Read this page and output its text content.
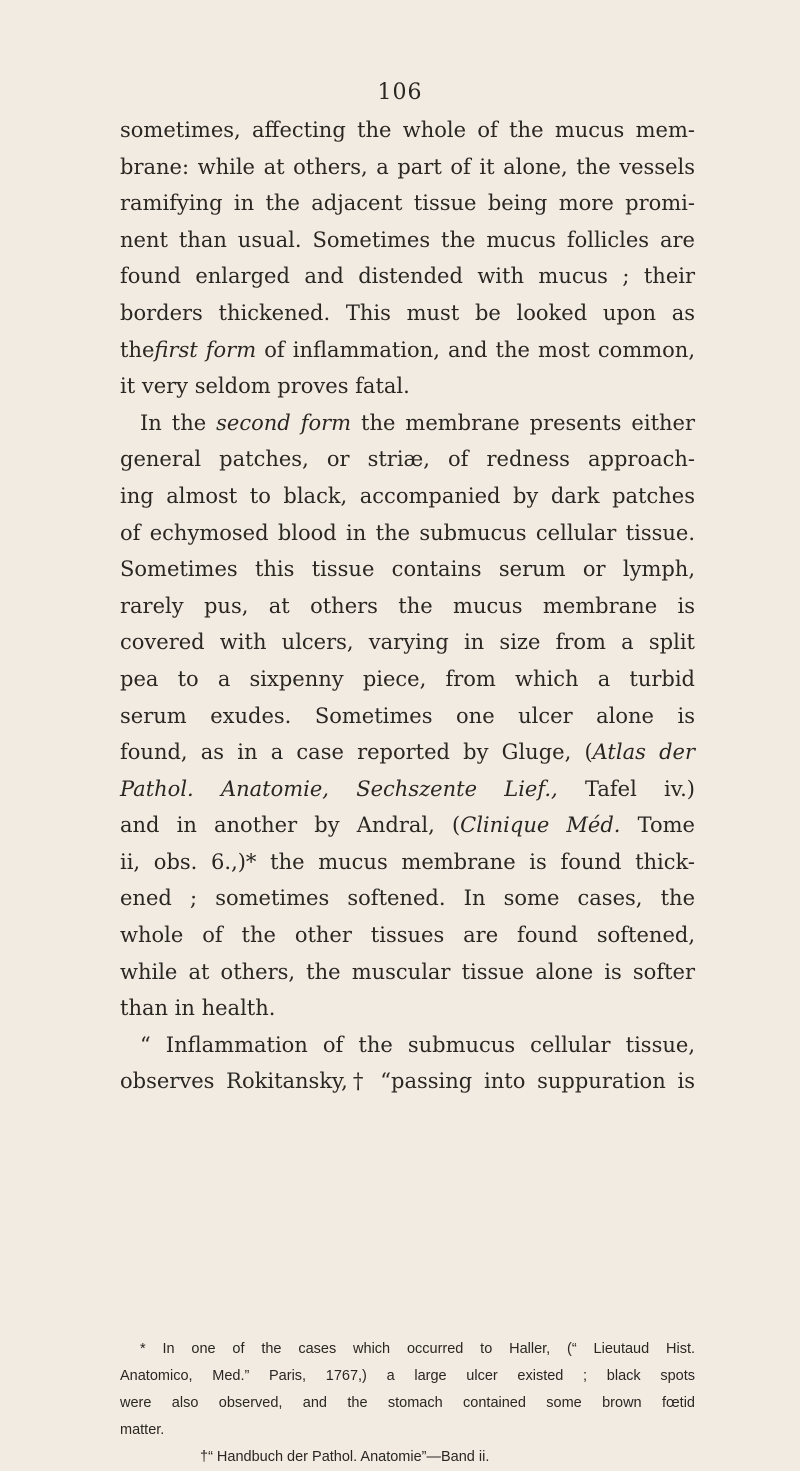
106
sometimes, affecting the whole of the mucus mem-
brane: while at others, a part of it alone, the vessels
ramifying in the adjacent tissue being more promi-
nent than usual. Sometimes the mucus follicles are
found enlarged and distended with mucus ; their
borders thickened. This must be looked upon as
thefirst form of inflammation, and the most common,
it very seldom proves fatal.
In the second form the membrane presents either
general patches, or striæ, of redness approach-
ing almost to black, accompanied by dark patches
of echymosed blood in the submucus cellular tissue.
Sometimes this tissue contains serum or lymph,
rarely pus, at others the mucus membrane is
covered with ulcers, varying in size from a split
pea to a sixpenny piece, from which a turbid
serum exudes. Sometimes one ulcer alone is
found, as in a case reported by Gluge, (Atlas der
Pathol. Anatomie, Sechszente Lief., Tafel iv.)
and in another by Andral, (Clinique Méd. Tome
ii, obs. 6.,)* the mucus membrane is found thick-
ened ; sometimes softened. In some cases, the
whole of the other tissues are found softened,
while at others, the muscular tissue alone is softer
than in health.
“ Inflammation of the submucus cellular tissue,
observes Rokitansky,† “passing into suppuration is
* In one of the cases which occurred to Haller, (“ Lieutaud Hist.
Anatomico, Med.” Paris, 1767,) a large ulcer existed ; black spots
were also observed, and the stomach contained some brown fœtid
matter.
†“ Handbuch der Pathol. Anatomie”—Band ii.
